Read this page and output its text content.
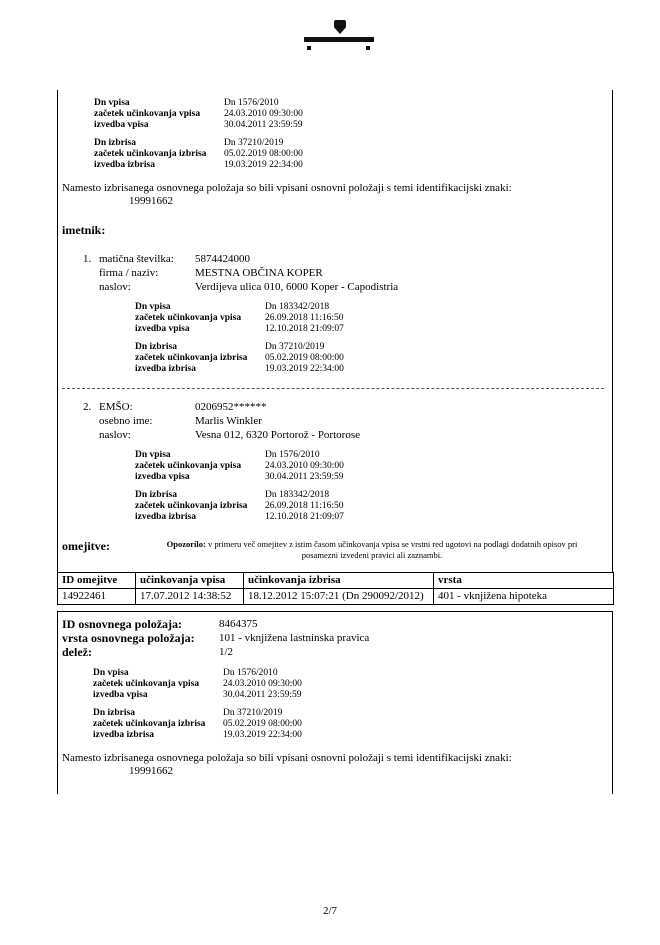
Dn vpisa	Dn 1576/2010
začetek učinkovanja vpisa	24.03.2010 09:30:00
izvedba vpisa	30.04.2011 23:59:59
Dn izbrisa	Dn 37210/2019
začetek učinkovanja izbrisa	05.02.2019 08:00:00
izvedba izbrisa	19.03.2019 22:34:00
Namesto izbrisanega osnovnega položaja so bili vpisani osnovni položaji s temi identifikacijski znaki:
19991662
imetnik:
1. matična številka:	5874424000
firma / naziv:	MESTNA OBČINA KOPER
naslov:	Verdijeva ulica 010, 6000 Koper - Capodistria
Dn vpisa	Dn 183342/2018
začetek učinkovanja vpisa	26.09.2018 11:16:50
izvedba vpisa	12.10.2018 21:09:07
Dn izbrisa	Dn 37210/2019
začetek učinkovanja izbrisa	05.02.2019 08:00:00
izvedba izbrisa	19.03.2019 22:34:00
2. EMŠO:	0206952******
osebno ime:	Marlis Winkler
naslov:	Vesna 012, 6320 Portorož - Portorose
Dn vpisa	Dn 1576/2010
začetek učinkovanja vpisa	24.03.2010 09:30:00
izvedba vpisa	30.04.2011 23:59:59
Dn izbrisa	Dn 183342/2018
začetek učinkovanja izbrisa	26.09.2018 11:16:50
izvedba izbrisa	12.10.2018 21:09:07
omejitve:	Opozorilo: v primeru več omejitev z istim časom učinkovanja vpisa se vrstni red ugotovi na podlagi dodatnih opisov pri posamezni izvedeni pravici ali zaznambi.
ID omejitve	učinkovanja vpisa	učinkovanja izbrisa	vrsta
14922461	17.07.2012 14:38:52	18.12.2012 15:07:21 (Dn 290092/2012)	401 - vknjižena hipoteka
ID osnovnega položaja:	8464375
vrsta osnovnega položaja:	101 - vknjižena lastninska pravica
delež:	1/2
Dn vpisa	Dn 1576/2010
začetek učinkovanja vpisa	24.03.2010 09:30:00
izvedba vpisa	30.04.2011 23:59:59
Dn izbrisa	Dn 37210/2019
začetek učinkovanja izbrisa	05.02.2019 08:00:00
izvedba izbrisa	19.03.2019 22:34:00
Namesto izbrisanega osnovnega položaja so bili vpisani osnovni položaji s temi identifikacijski znaki:
19991662
2/7
